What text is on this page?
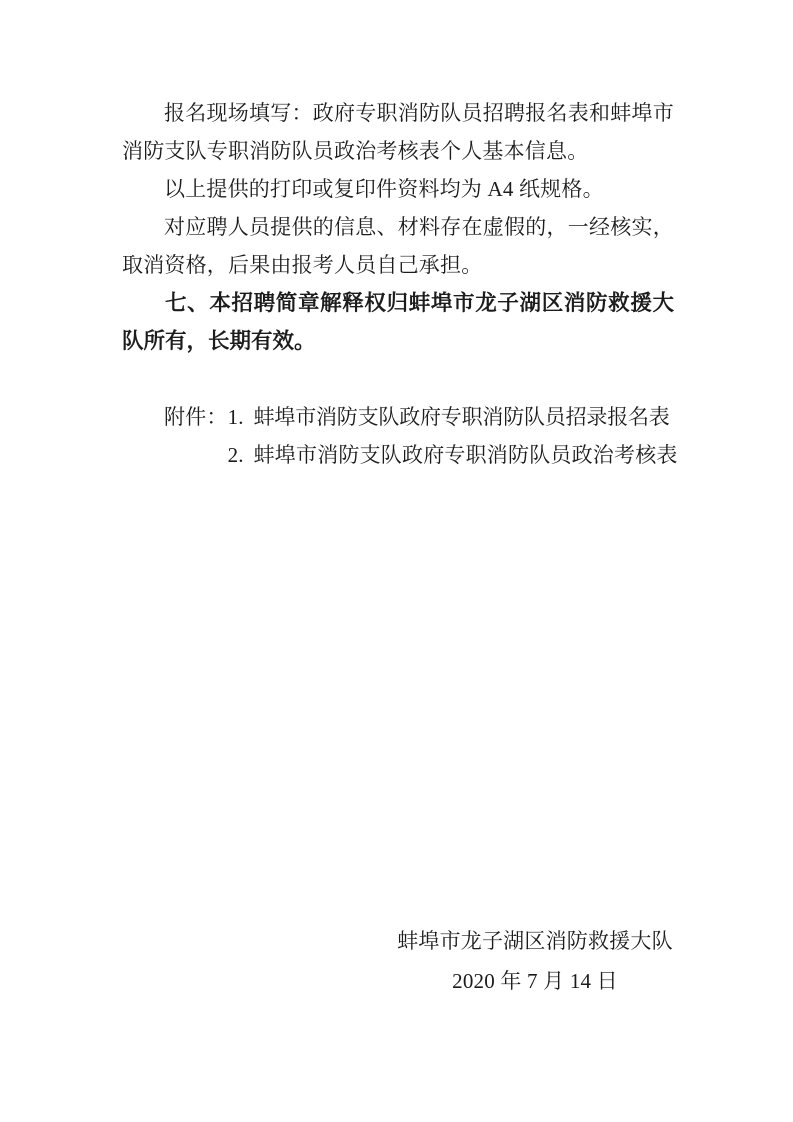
报名现场填写：政府专职消防队员招聘报名表和蚌埠市消防支队专职消防队员政治考核表个人基本信息。

以上提供的打印或复印件资料均为 A4 纸规格。

对应聘人员提供的信息、材料存在虚假的，一经核实，取消资格，后果由报考人员自己承担。

七、本招聘简章解释权归蚌埠市龙子湖区消防救援大队所有，长期有效。

附件： 1. 蚌埠市消防支队政府专职消防队员招录报名表
2. 蚌埠市消防支队政府专职消防队员政治考核表
蚌埠市龙子湖区消防救援大队
2020 年 7 月 14 日
